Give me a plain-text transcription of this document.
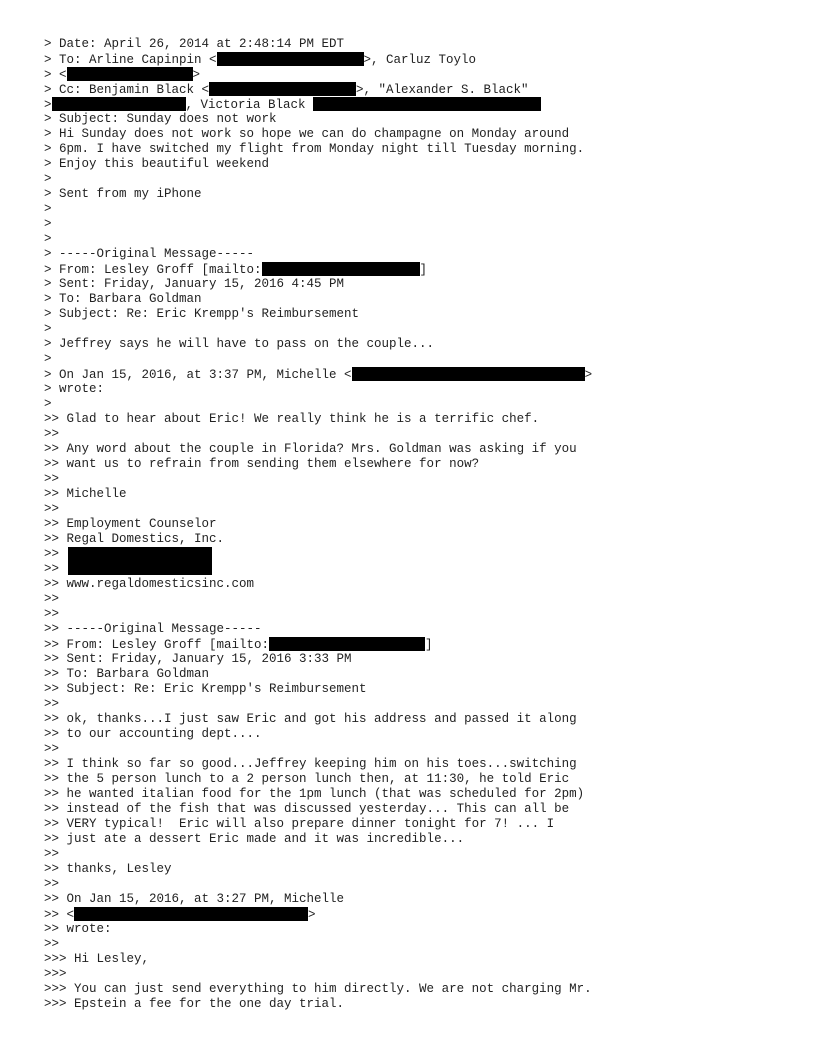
> Date: April 26, 2014 at 2:48:14 PM EDT
> To: Arline Capinpin <	>, Carluz Toylo
> <	>
> Cc: Benjamin Black <	>, "Alexander S. Black"
>	, Victoria Black
> Subject: Sunday does not work
> Hi Sunday does not work so hope we can do champagne on Monday around
> 6pm. I have switched my flight from Monday night till Tuesday morning.
> Enjoy this beautiful weekend
>
> Sent from my iPhone
>
>
>
> -----Original Message-----
> From: Lesley Groff [mailto:	]
> Sent: Friday, January 15, 2016 4:45 PM
> To: Barbara Goldman
> Subject: Re: Eric Krempp's Reimbursement
>
> Jeffrey says he will have to pass on the couple...
>
> On Jan 15, 2016, at 3:37 PM, Michelle <	>
> wrote:
>
>> Glad to hear about Eric! We really think he is a terrific chef.
>>
>> Any word about the couple in Florida? Mrs. Goldman was asking if you
>> want us to refrain from sending them elsewhere for now?
>>
>> Michelle
>>
>> Employment Counselor
>> Regal Domestics, Inc.
>>
>>
>> www.regaldomesticsinc.com
>>
>>
>> -----Original Message-----
>> From: Lesley Groff [mailto:	]
>> Sent: Friday, January 15, 2016 3:33 PM
>> To: Barbara Goldman
>> Subject: Re: Eric Krempp's Reimbursement
>>
>> ok, thanks...I just saw Eric and got his address and passed it along
>> to our accounting dept....
>>
>> I think so far so good...Jeffrey keeping him on his toes...switching
>> the 5 person lunch to a 2 person lunch then, at 11:30, he told Eric
>> he wanted italian food for the 1pm lunch (that was scheduled for 2pm)
>> instead of the fish that was discussed yesterday... This can all be
>> VERY typical!  Eric will also prepare dinner tonight for 7! ... I
>> just ate a dessert Eric made and it was incredible...
>>
>> thanks, Lesley
>>
>> On Jan 15, 2016, at 3:27 PM, Michelle
>> <	>
>> wrote:
>>
>>> Hi Lesley,
>>>
>>> You can just send everything to him directly. We are not charging Mr.
>>> Epstein a fee for the one day trial.
